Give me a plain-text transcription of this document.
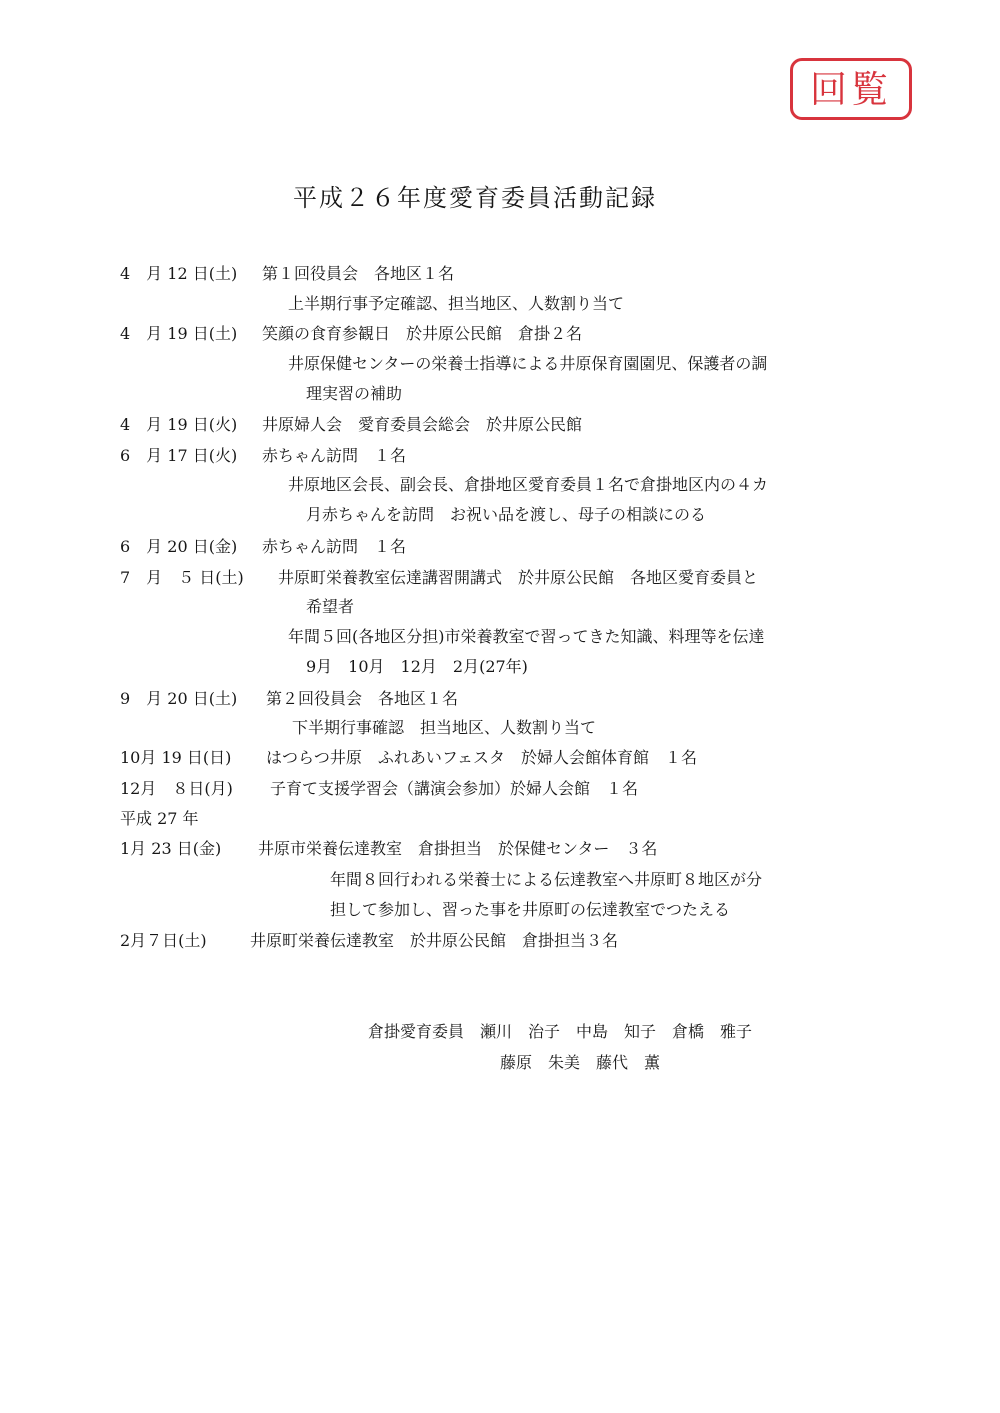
回覧
平成２６年度愛育委員活動記録
4　月 12 日(土) 第１回役員会　各地区１名
上半期行事予定確認、担当地区、人数割り当て
4　月 19 日(土) 笑顔の食育参観日　於井原公民館　倉掛２名
井原保健センターの栄養士指導による井原保育園園児、保護者の調
理実習の補助
4　月 19 日(火) 井原婦人会　愛育委員会総会　於井原公民館
6　月 17 日(火) 赤ちゃん訪問　１名
井原地区会長、副会長、倉掛地区愛育委員１名で倉掛地区内の４カ
月赤ちゃんを訪問　お祝い品を渡し、母子の相談にのる
6　月 20 日(金) 赤ちゃん訪問　１名
7　月　５ 日(土) 井原町栄養教室伝達講習開講式　於井原公民館　各地区愛育委員と
希望者
年間５回(各地区分担)市栄養教室で習ってきた知識、料理等を伝達
9月　10月　12月　2月(27年)
9　月 20 日(土) 第２回役員会　各地区１名
下半期行事確認　担当地区、人数割り当て
10月 19 日(日) はつらつ井原　ふれあいフェスタ　於婦人会館体育館　１名
12月　８日(月) 子育て支援学習会（講演会参加）於婦人会館　１名
平成 27 年
1月 23 日(金) 井原市栄養伝達教室　倉掛担当　於保健センター　３名
年間８回行われる栄養士による伝達教室へ井原町８地区が分
担して参加し、習った事を井原町の伝達教室でつたえる
2月７日(土)	井原町栄養伝達教室　於井原公民館　倉掛担当３名
倉掛愛育委員　瀬川　治子　中島　知子　倉橋　雅子
藤原　朱美　藤代　薫
